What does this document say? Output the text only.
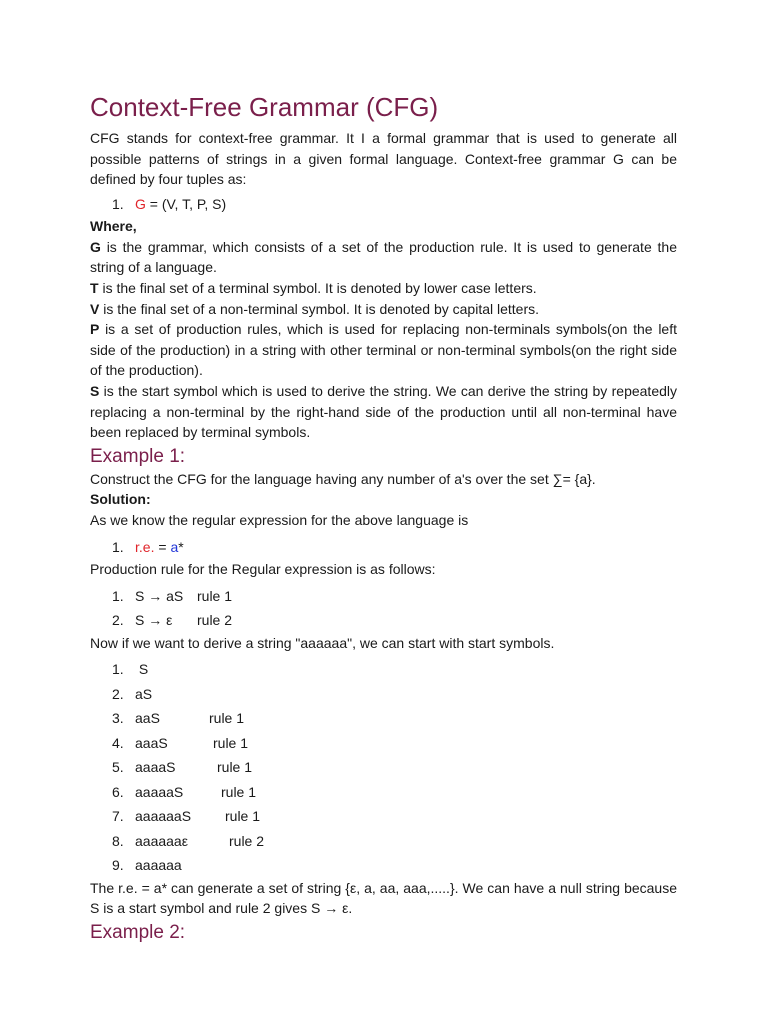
Context-Free Grammar (CFG)

CFG stands for context-free grammar. It I a formal grammar that is used to generate all possible patterns of strings in a given formal language. Context-free grammar G can be defined by four tuples as:

1. G = (V, T, P, S)

Where,

G is the grammar, which consists of a set of the production rule. It is used to generate the string of a language.

T is the final set of a terminal symbol. It is denoted by lower case letters.

V is the final set of a non-terminal symbol. It is denoted by capital letters.

P is a set of production rules, which is used for replacing non-terminals symbols(on the left side of the production) in a string with other terminal or non-terminal symbols(on the right side of the production).

S is the start symbol which is used to derive the string. We can derive the string by repeatedly replacing a non-terminal by the right-hand side of the production until all non-terminal have been replaced by terminal symbols.

Example 1:

Construct the CFG for the language having any number of a's over the set ∑= {a}.

Solution:

As we know the regular expression for the above language is

1. r.e. = a*

Production rule for the Regular expression is as follows:

1. S → aS rule 1
2. S → ε rule 2

Now if we want to derive a string "aaaaaa", we can start with start symbols.

1. S
2. aS
3. aaS	rule 1
4. aaaS	rule 1
5. aaaaS	rule 1
6. aaaaaS	rule 1
7. aaaaaaS rule 1
8. aaaaaaε	rule 2
9. aaaaaa

The r.e. = a* can generate a set of string {ε, a, aa, aaa,.....}. We can have a null string because S is a start symbol and rule 2 gives S → ε.

Example 2:
